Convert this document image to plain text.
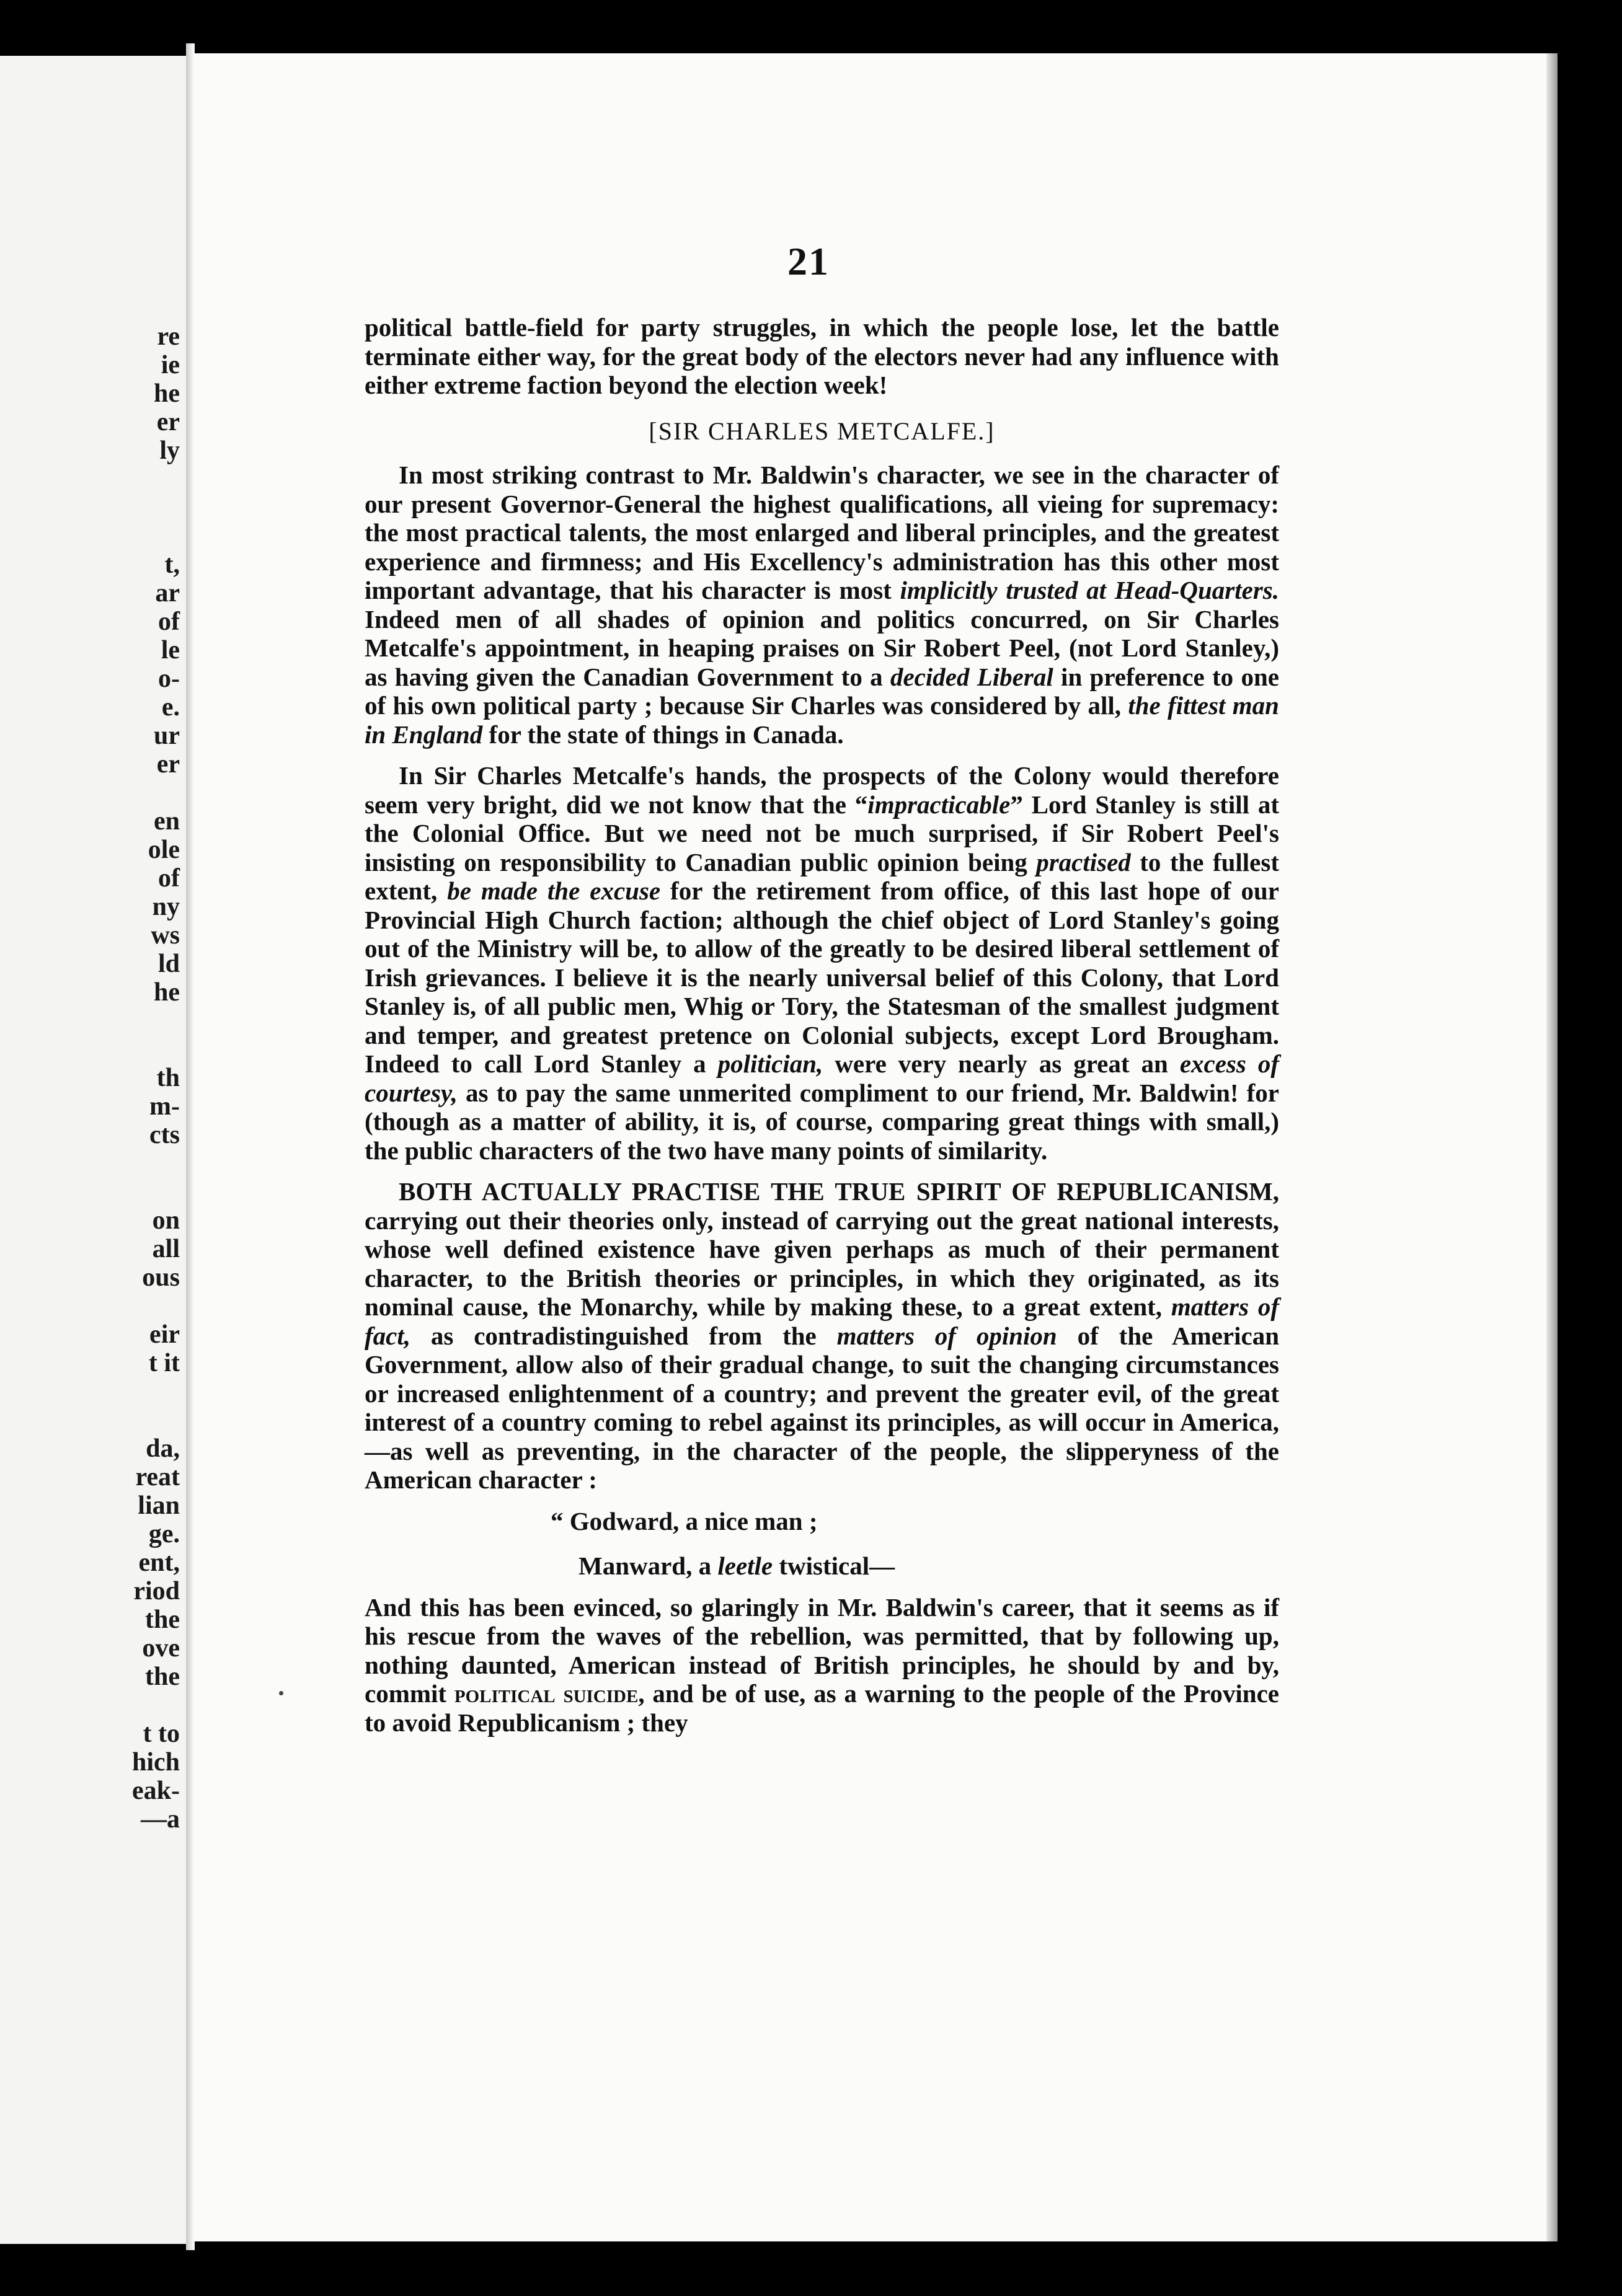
re
ie
he
er
ly
t,
ar
of
le
o-
e.
ur
er
en
ole
of
ny
ws
ld
he
th
m-
cts
on
all
ous
eir
t it
da,
reat
lian
ge.
ent,
riod
the
ove
the
t to
hich
eak-
—a
21

political battle-field for party struggles, in which the people lose, let the battle terminate either way, for the great body of the electors never had any influence with either extreme faction beyond the election week!

[SIR CHARLES METCALFE.]

In most striking contrast to Mr. Baldwin's character, we see in the character of our present Governor-General the highest qualifications, all vieing for supremacy: the most practical talents, the most enlarged and liberal principles, and the greatest experience and firmness; and His Excellency's administration has this other most important advantage, that his character is most implicitly trusted at Head-Quarters. Indeed men of all shades of opinion and politics concurred, on Sir Charles Metcalfe's appointment, in heaping praises on Sir Robert Peel, (not Lord Stanley,) as having given the Canadian Government to a decided Liberal in preference to one of his own political party ; because Sir Charles was considered by all, the fittest man in England for the state of things in Canada.

In Sir Charles Metcalfe's hands, the prospects of the Colony would therefore seem very bright, did we not know that the “impracticable” Lord Stanley is still at the Colonial Office. But we need not be much surprised, if Sir Robert Peel's insisting on responsibility to Canadian public opinion being practised to the fullest extent, be made the excuse for the retirement from office, of this last hope of our Provincial High Church faction; although the chief object of Lord Stanley's going out of the Ministry will be, to allow of the greatly to be desired liberal settlement of Irish grievances. I believe it is the nearly universal belief of this Colony, that Lord Stanley is, of all public men, Whig or Tory, the Statesman of the smallest judgment and temper, and greatest pretence on Colonial subjects, except Lord Brougham. Indeed to call Lord Stanley a politician, were very nearly as great an excess of courtesy, as to pay the same unmerited compliment to our friend, Mr. Baldwin! for (though as a matter of ability, it is, of course, comparing great things with small,) the public characters of the two have many points of similarity.

BOTH ACTUALLY PRACTISE THE TRUE SPIRIT OF REPUBLICANISM, carrying out their theories only, instead of carrying out the great national interests, whose well defined existence have given perhaps as much of their permanent character, to the British theories or principles, in which they originated, as its nominal cause, the Monarchy, while by making these, to a great extent, matters of fact, as contradistinguished from the matters of opinion of the American Government, allow also of their gradual change, to suit the changing circumstances or increased enlightenment of a country; and prevent the greater evil, of the great interest of a country coming to rebel against its principles, as will occur in America,—as well as preventing, in the character of the people, the slipperyness of the American character :

“ Godward, a nice man ;
Manward, a leetle twistical—

And this has been evinced, so glaringly in Mr. Baldwin's career, that it seems as if his rescue from the waves of the rebellion, was permitted, that by following up, nothing daunted, American instead of British principles, he should by and by, commit political suicide, and be of use, as a warning to the people of the Province to avoid Republicanism ; they
